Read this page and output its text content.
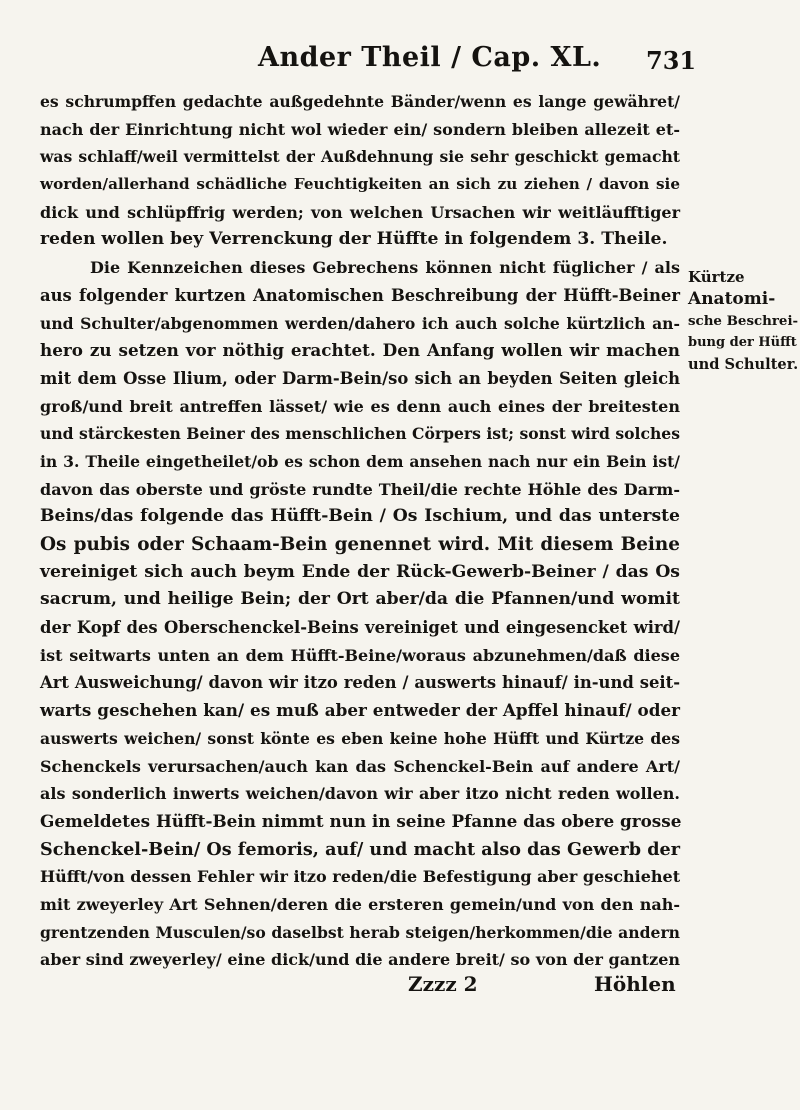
Ander Theil / Cap. XL. 731
es schrumpffen gedachte außgedehnte Bänder/wenn es lange gewähret/
nach der Einrichtung nicht wol wieder ein/ sondern bleiben allezeit et-
was schlaff/weil vermittelst der Außdehnung sie sehr geschickt gemacht
worden/allerhand schädliche Feuchtigkeiten an sich zu ziehen / davon sie
dick und schlüpffrig werden; von welchen Ursachen wir weitläufftiger
reden wollen bey Verrenckung der Hüffte in folgendem 3. Theile.
Die Kennzeichen dieses Gebrechens können nicht füglicher / als
aus folgender kurtzen Anatomischen Beschreibung der Hüfft-Beiner
und Schulter/abgenommen werden/dahero ich auch solche kürtzlich an-
hero zu setzen vor nöthig erachtet. Den Anfang wollen wir machen
mit dem Osse Ilium, oder Darm-Bein/so sich an beyden Seiten gleich
groß/und breit antreffen lässet/ wie es denn auch eines der breitesten
und stärckesten Beiner des menschlichen Cörpers ist; sonst wird solches
in 3. Theile eingetheilet/ob es schon dem ansehen nach nur ein Bein ist/
davon das oberste und gröste rundte Theil/die rechte Höhle des Darm-
Beins/das folgende das Hüfft-Bein / Os Ischium, und das unterste
Os pubis oder Schaam-Bein genennet wird. Mit diesem Beine
vereiniget sich auch beym Ende der Rück-Gewerb-Beiner / das Os
sacrum, und heilige Bein; der Ort aber/da die Pfannen/und womit
der Kopf des Oberschenckel-Beins vereiniget und eingesencket wird/
ist seitwarts unten an dem Hüfft-Beine/woraus abzunehmen/daß diese
Art Ausweichung/ davon wir itzo reden / auswerts hinauf/ in-und seit-
warts geschehen kan/ es muß aber entweder der Apffel hinauf/ oder
auswerts weichen/ sonst könte es eben keine hohe Hüfft und Kürtze des
Schenckels verursachen/auch kan das Schenckel-Bein auf andere Art/
als sonderlich inwerts weichen/davon wir aber itzo nicht reden wollen.
Gemeldetes Hüfft-Bein nimmt nun in seine Pfanne das obere grosse
Schenckel-Bein/ Os femoris, auf/ und macht also das Gewerb der
Hüfft/von dessen Fehler wir itzo reden/die Befestigung aber geschiehet
mit zweyerley Art Sehnen/deren die ersteren gemein/und von den nah-
grentzenden Musculen/so daselbst herab steigen/herkommen/die andern
aber sind zweyerley/ eine dick/und die andere breit/ so von der gantzen
Kürtze
Anatomi-
sche Beschrei-
bung der Hüfft
und Schulter.
Zzzz 2	Höhlen
